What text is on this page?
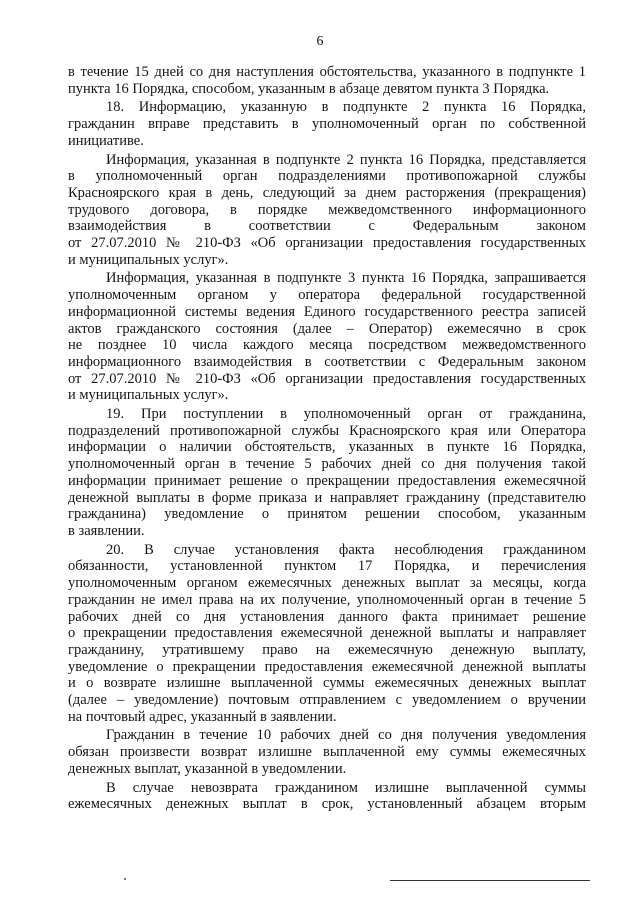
6
в течение 15 дней со дня наступления обстоятельства, указанного в подпункте 1
пункта 16 Порядка, способом, указанным в абзаце девятом пункта 3 Порядка.
18. Информацию, указанную в подпункте 2 пункта 16 Порядка,
гражданин вправе представить в уполномоченный орган по собственной
инициативе.
Информация, указанная в подпункте 2 пункта 16 Порядка, представляется
в уполномоченный орган подразделениями противопожарной службы
Красноярского края в день, следующий за днем расторжения (прекращения)
трудового договора, в порядке межведомственного информационного
взаимодействия в соответствии с Федеральным законом
от 27.07.2010 № 210-ФЗ «Об организации предоставления государственных
и муниципальных услуг».
Информация, указанная в подпункте 3 пункта 16 Порядка, запрашивается
уполномоченным органом у оператора федеральной государственной
информационной системы ведения Единого государственного реестра записей
актов гражданского состояния (далее – Оператор) ежемесячно в срок
не позднее 10 числа каждого месяца посредством межведомственного
информационного взаимодействия в соответствии с Федеральным законом
от 27.07.2010 № 210-ФЗ «Об организации предоставления государственных
и муниципальных услуг».
19. При поступлении в уполномоченный орган от гражданина,
подразделений противопожарной службы Красноярского края или Оператора
информации о наличии обстоятельств, указанных в пункте 16 Порядка,
уполномоченный орган в течение 5 рабочих дней со дня получения такой
информации принимает решение о прекращении предоставления ежемесячной
денежной выплаты в форме приказа и направляет гражданину (представителю
гражданина) уведомление о принятом решении способом, указанным
в заявлении.
20. В случае установления факта несоблюдения гражданином
обязанности, установленной пунктом 17 Порядка, и перечисления
уполномоченным органом ежемесячных денежных выплат за месяцы, когда
гражданин не имел права на их получение, уполномоченный орган в течение 5
рабочих дней со дня установления данного факта принимает решение
о прекращении предоставления ежемесячной денежной выплаты и направляет
гражданину, утратившему право на ежемесячную денежную выплату,
уведомление о прекращении предоставления ежемесячной денежной выплаты
и о возврате излишне выплаченной суммы ежемесячных денежных выплат
(далее – уведомление) почтовым отправлением с уведомлением о вручении
на почтовый адрес, указанный в заявлении.
Гражданин в течение 10 рабочих дней со дня получения уведомления
обязан произвести возврат излишне выплаченной ему суммы ежемесячных
денежных выплат, указанной в уведомлении.
В случае невозврата гражданином излишне выплаченной суммы
ежемесячных денежных выплат в срок, установленный абзацем вторым
